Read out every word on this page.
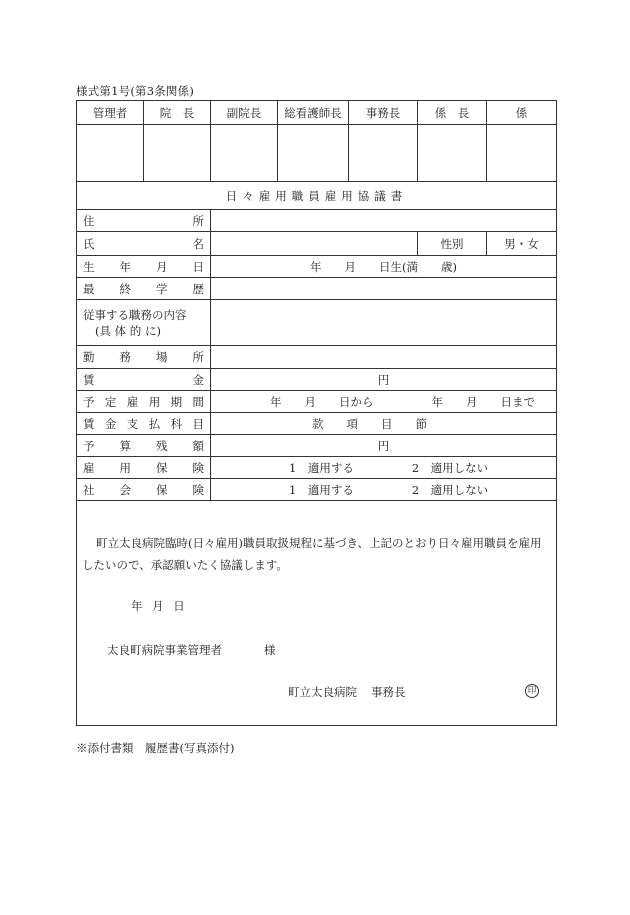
様式第1号(第3条関係)
管理者	院　長	副院長	総看護師長	事務長	係　長	係

日々雇用職員雇用協議書						
住所						
氏名					性別	男・女
生年月日		年　　月　　日生(満　　歳)				
最終学歴						

従事する職務の内容
(具 体 的 に)						

勤務場所						
賃金		円				
予定雇用期間		年　　月　　日から 年　　月　　日まで				
賃金支払科目		款　　項　　目　　節				
予算残額		円				
雇用保険		1　適用する 2　適用しない				
社会保険		1　適用する 2　適用しない				

町立太良病院臨時(日々雇用)職員取扱規程に基づき、上記のとおり日々雇用職員を雇用したいので、承認願いたく協議します。
年 月 日
太良町病院事業管理者 様
町立太良病院 事務長 印						
※添付書類　履歴書(写真添付)
